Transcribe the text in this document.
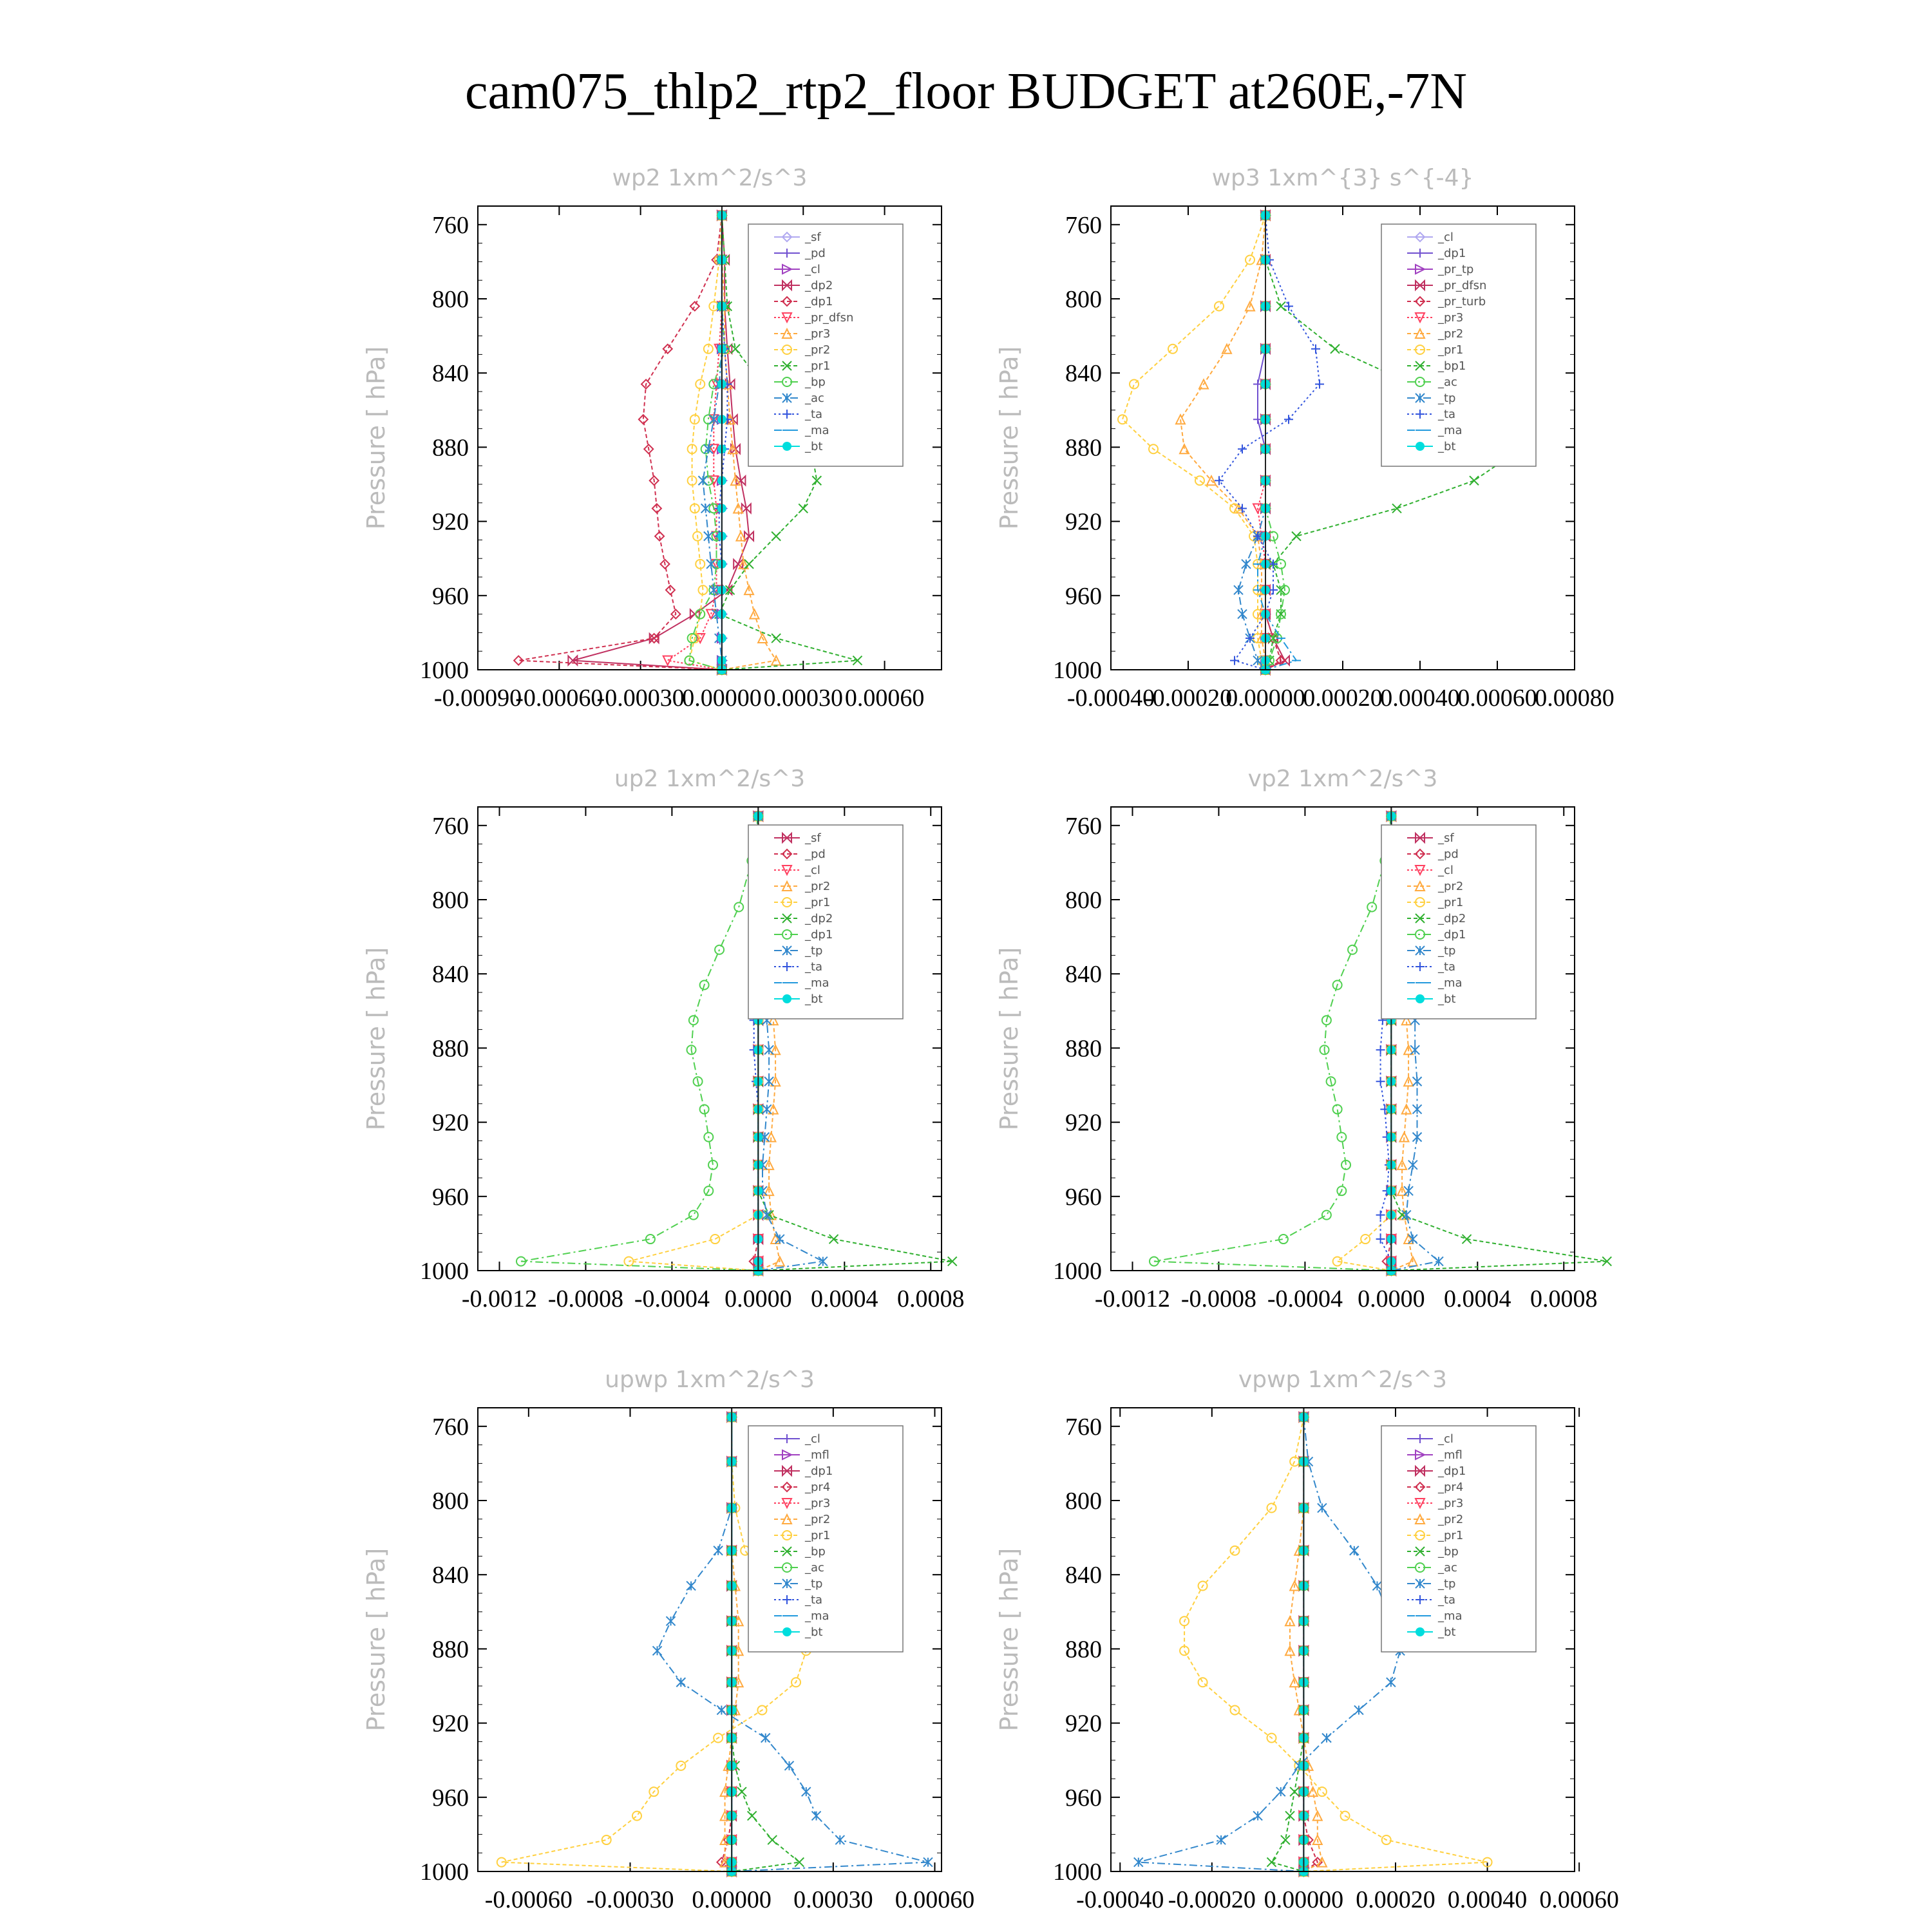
cam075_thlp2_rtp2_floor BUDGET at260E,-7N
wp2 1xm^2/s^3
Pressure [ hPa]
760
800
840
880
920
960
1000
-0.00090
-0.00060
-0.00030
0.00000 0.00030 0.00060
_sf
_pd
_cl
_dp2
_dp1
_pr_dfsn
_pr3
_pr2
_pr1
_bp
_ac
_ta
_ma
_bt
wp3 1xm^{3} s^{-4}
Pressure [ hPa]
760
800
840
880
920
960
1000
-0.00040
-0.00020
0.00000
0.00020
0.00040
0.00060
0.00080
_cl
_dp1
_pr_tp
_pr_dfsn
_pr_turb
_pr3
_pr2
_pr1
_bp1
_ac
_tp
_ta
_ma
_bt
up2 1xm^2/s^3
Pressure [ hPa]
760
800
840
880
920
960
1000
-0.0012 -0.0008 -0.0004 0.0000 0.0004 0.0008
_sf
_pd
_cl
_pr2
_pr1
_dp2
_dp1
_tp
_ta
_ma
_bt
vp2 1xm^2/s^3
Pressure [ hPa]
760
800
840
880
920
960
1000
-0.0012 -0.0008 -0.0004 0.0000 0.0004 0.0008
_sf
_pd
_cl
_pr2
_pr1
_dp2
_dp1
_tp
_ta
_ma
_bt
upwp 1xm^2/s^3
Pressure [ hPa]
760
800
840
880
920
960
1000
-0.00060 -0.00030 0.00000 0.00030 0.00060
_cl
_mfl
_dp1
_pr4
_pr3
_pr2
_pr1
_bp
_ac
_tp
_ta
_ma
_bt
vpwp 1xm^2/s^3
Pressure [ hPa]
760
800
840
880
920
960
1000
-0.00040 -0.00020 0.00000 0.00020 0.00040 0.00060
_cl
_mfl
_dp1
_pr4
_pr3
_pr2
_pr1
_bp
_ac
_tp
_ta
_ma
_bt
